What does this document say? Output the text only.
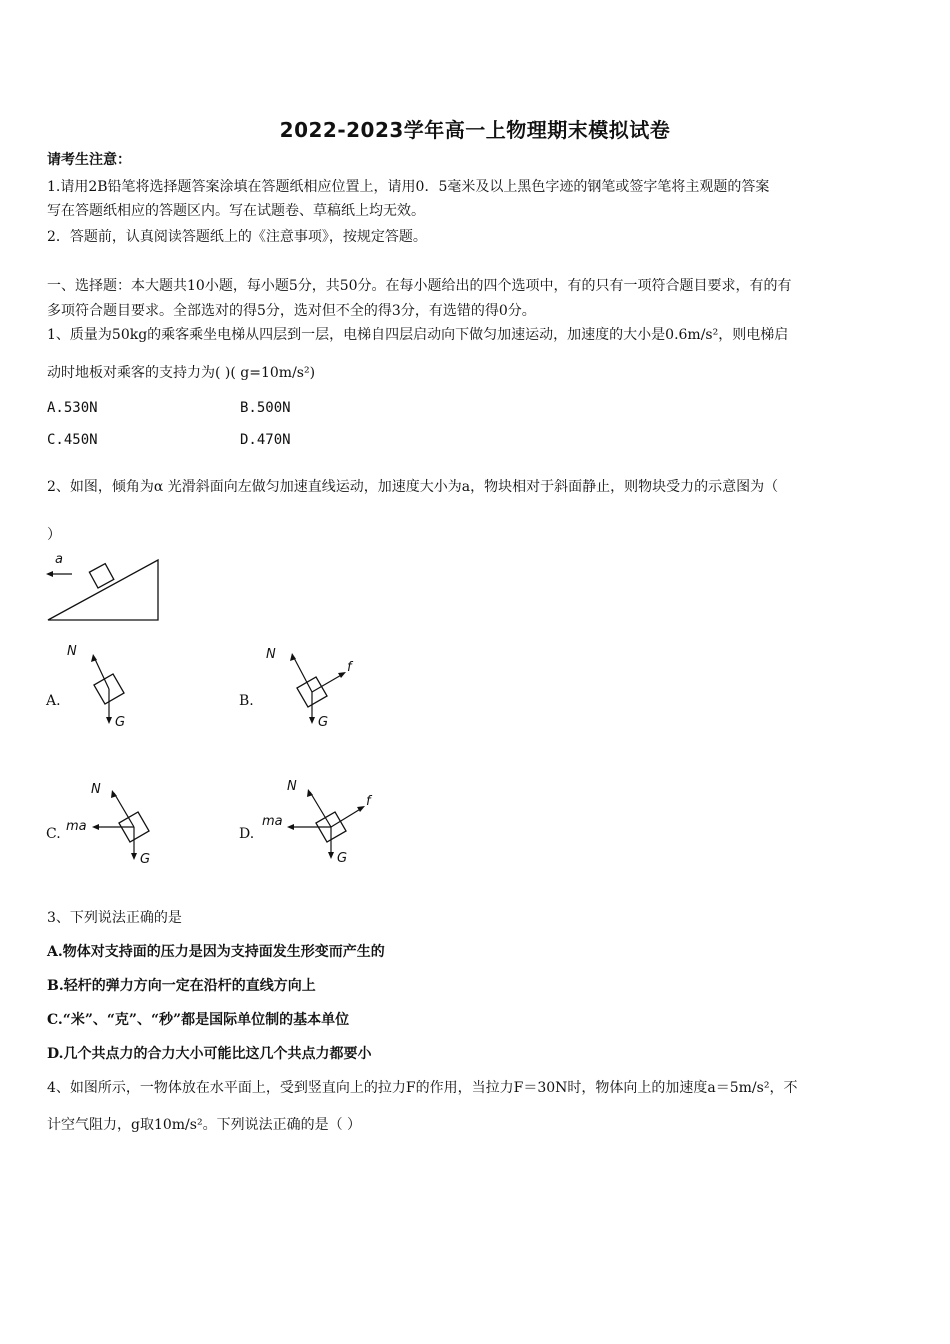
2022-2023学年高一上物理期末模拟试卷
请考生注意：
1.请用2B铅笔将选择题答案涂填在答题纸相应位置上，请用0．5毫米及以上黑色字迹的钢笔或签字笔将主观题的答案
写在答题纸相应的答题区内。写在试题卷、草稿纸上均无效。
2．答题前，认真阅读答题纸上的《注意事项》，按规定答题。
一、选择题：本大题共10小题，每小题5分，共50分。在每小题给出的四个选项中，有的只有一项符合题目要求，有的有
多项符合题目要求。全部选对的得5分，选对但不全的得3分，有选错的得0分。
1、质量为50kg的乘客乘坐电梯从四层到一层，电梯自四层启动向下做匀加速运动，加速度的大小是0.6m/s²，则电梯启
动时地板对乘客的支持力为( )( g=10m/s²)
A.530N	B.500N
C.450N	D.470N
2、如图，倾角为α 光滑斜面向左做匀加速直线运动，加速度大小为a，物块相对于斜面静止，则物块受力的示意图为（
）
a
A.
N
G
B.
N
f
G
C.
N
ma
G
D.
N
ma
f
G
3、下列说法正确的是
A.物体对支持面的压力是因为支持面发生形变而产生的
B.轻杆的弹力方向一定在沿杆的直线方向上
C.“米”、“克”、“秒”都是国际单位制的基本单位
D.几个共点力的合力大小可能比这几个共点力都要小
4、如图所示，一物体放在水平面上，受到竖直向上的拉力F的作用，当拉力F＝30N时，物体向上的加速度a＝5m/s²，不
计空气阻力，g取10m/s²。下列说法正确的是（ ）
